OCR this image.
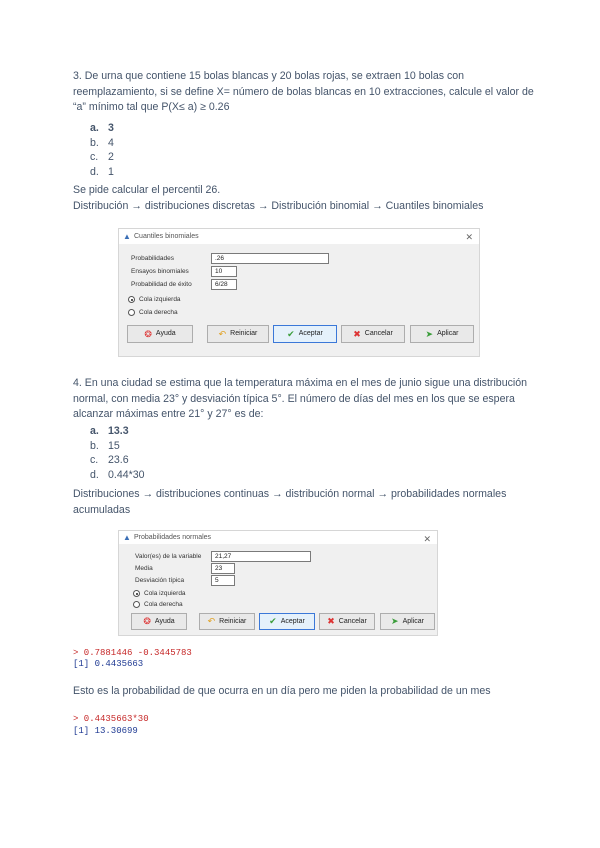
3. De urna que contiene 15 bolas blancas y 20 bolas rojas, se extraen 10 bolas con reemplazamiento, si se define X= número de bolas blancas en 10 extracciones, calcule el valor de “a” mínimo tal que P(X≤ a) ≥ 0.26
a. 3
b. 4
c. 2
d. 1
Se pide calcular el percentil 26.
Distribución → distribuciones discretas → Distribución binomial → Cuantiles binomiales
▲ Cuantiles binomiales	✕
Probabilidades	.26
Ensayos binomiales	10
Probabilidad de éxito	6/28
Cola izquierda
Cola derecha
❂ Ayuda	↶ Reiniciar	✔ Aceptar	✖ Cancelar	➤ Aplicar
4. En una ciudad se estima que la temperatura máxima en el mes de junio sigue una distribución normal, con media 23° y desviación típica 5°. El número de días del mes en los que se espera alcanzar máximas entre 21° y 27° es de:
a. 13.3
b. 15
c. 23.6
d. 0.44*30
Distribuciones → distribuciones continuas → distribución normal → probabilidades normales acumuladas
▲ Probabilidades normales	✕
Valor(es) de la variable	21,27
Media	23
Desviación típica	5
Cola izquierda
Cola derecha
❂ Ayuda	↶ Reiniciar	✔ Aceptar ✖ Cancelar	➤ Aplicar
> 0.7881446 -0.3445783
[1] 0.4435663
Esto es la probabilidad de que ocurra en un día pero me piden la probabilidad de un mes
> 0.4435663*30
[1] 13.30699
